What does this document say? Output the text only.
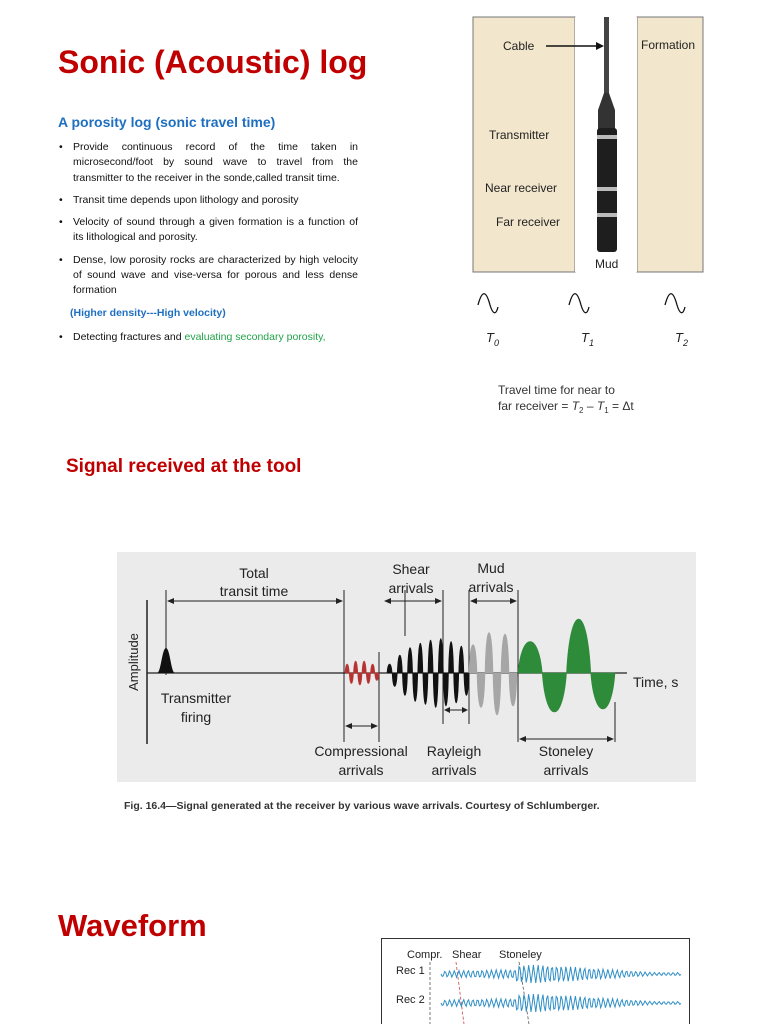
Sonic (Acoustic) log
A porosity log (sonic travel time)
• Provide continuous record of the time taken in microsecond/foot by sound wave to travel from the transmitter to the receiver in the sonde,called transit time.
• Transit time depends upon lithology and porosity
• Velocity of sound through a given formation is a function of its lithological and porosity.
• Dense, low porosity rocks are characterized by high velocity of sound wave and vise-versa for porous and less dense formation
(Higher density---High velocity)
• Detecting fractures and evaluating secondary porosity,
Cable	Formation
Transmitter
Near receiver
Far receiver
Mud
$T_0$	$T_1$	$T_2$
Travel time for near to
far receiver = $T_2 - T_1 = \Delta t$
Signal received at the tool
Total
transit time
Shear
arrivals
Mud
arrivals
Amplitude	Time, s
Transmitter
firing
Compressional
arrivals
Rayleigh
arrivals
Stoneley
arrivals
Fig. 16.4—Signal generated at the receiver by various wave arrivals. Courtesy of Schlumberger.
Waveform
Compr. Shear Stoneley
Rec 1
Rec 2
